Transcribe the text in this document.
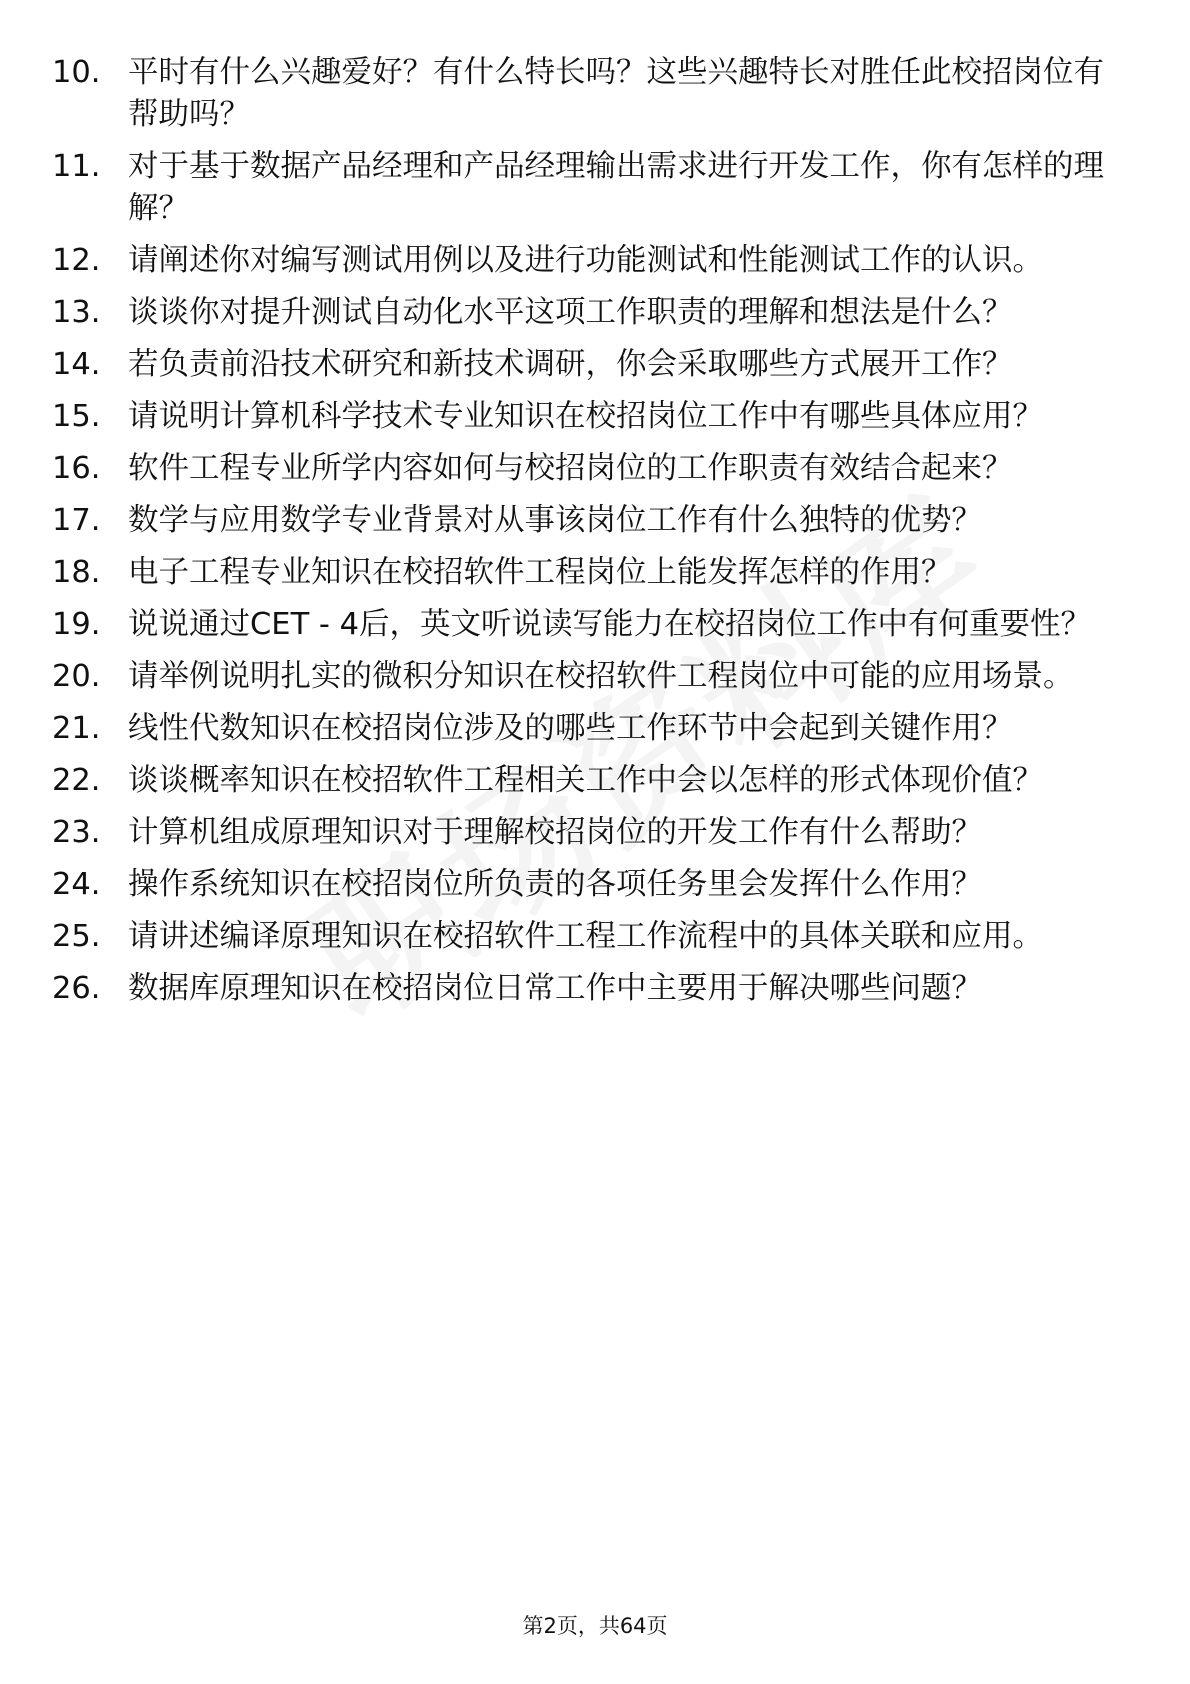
10. 平时有什么兴趣爱好？有什么特长吗？这些兴趣特长对胜任此校招岗位有帮助吗？
11. 对于基于数据产品经理和产品经理输出需求进行开发工作，你有怎样的理解？
12. 请阐述你对编写测试用例以及进行功能测试和性能测试工作的认识。
13. 谈谈你对提升测试自动化水平这项工作职责的理解和想法是什么？
14. 若负责前沿技术研究和新技术调研，你会采取哪些方式展开工作？
15. 请说明计算机科学技术专业知识在校招岗位工作中有哪些具体应用？
16. 软件工程专业所学内容如何与校招岗位的工作职责有效结合起来？
17. 数学与应用数学专业背景对从事该岗位工作有什么独特的优势？
18. 电子工程专业知识在校招软件工程岗位上能发挥怎样的作用？
19. 说说通过CET - 4后，英文听说读写能力在校招岗位工作中有何重要性？
20. 请举例说明扎实的微积分知识在校招软件工程岗位中可能的应用场景。
21. 线性代数知识在校招岗位涉及的哪些工作环节中会起到关键作用？
22. 谈谈概率知识在校招软件工程相关工作中会以怎样的形式体现价值？
23. 计算机组成原理知识对于理解校招岗位的开发工作有什么帮助？
24. 操作系统知识在校招岗位所负责的各项任务里会发挥什么作用？
25. 请讲述编译原理知识在校招软件工程工作流程中的具体关联和应用。
26. 数据库原理知识在校招岗位日常工作中主要用于解决哪些问题？
第2页，共64页
